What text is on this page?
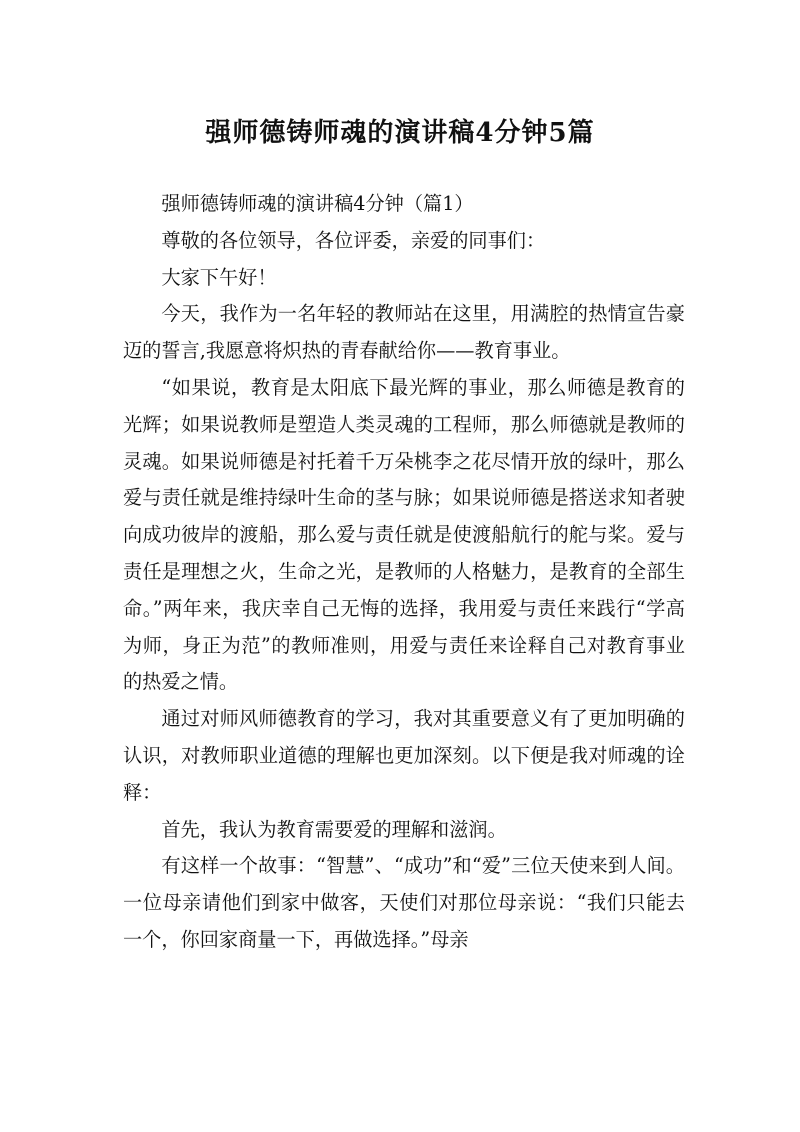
强师德铸师魂的演讲稿4分钟5篇

强师德铸师魂的演讲稿4分钟（篇1）

尊敬的各位领导，各位评委，亲爱的同事们：

大家下午好！

今天，我作为一名年轻的教师站在这里，用满腔的热情宣告豪迈的誓言,我愿意将炽热的青春献给你——教育事业。

“如果说，教育是太阳底下最光辉的事业，那么师德是教育的光辉；如果说教师是塑造人类灵魂的工程师，那么师德就是教师的灵魂。如果说师德是衬托着千万朵桃李之花尽情开放的绿叶，那么爱与责任就是维持绿叶生命的茎与脉；如果说师德是搭送求知者驶向成功彼岸的渡船，那么爱与责任就是使渡船航行的舵与桨。爱与责任是理想之火，生命之光，是教师的人格魅力，是教育的全部生命。”两年来，我庆幸自己无悔的选择，我用爱与责任来践行“学高为师，身正为范”的教师准则，用爱与责任来诠释自己对教育事业的热爱之情。

通过对师风师德教育的学习，我对其重要意义有了更加明确的认识，对教师职业道德的理解也更加深刻。以下便是我对师魂的诠释：

首先，我认为教育需要爱的理解和滋润。

有这样一个故事：“智慧”、“成功”和“爱”三位天使来到人间。一位母亲请他们到家中做客，天使们对那位母亲说：“我们只能去一个，你回家商量一下，再做选择。”母亲
